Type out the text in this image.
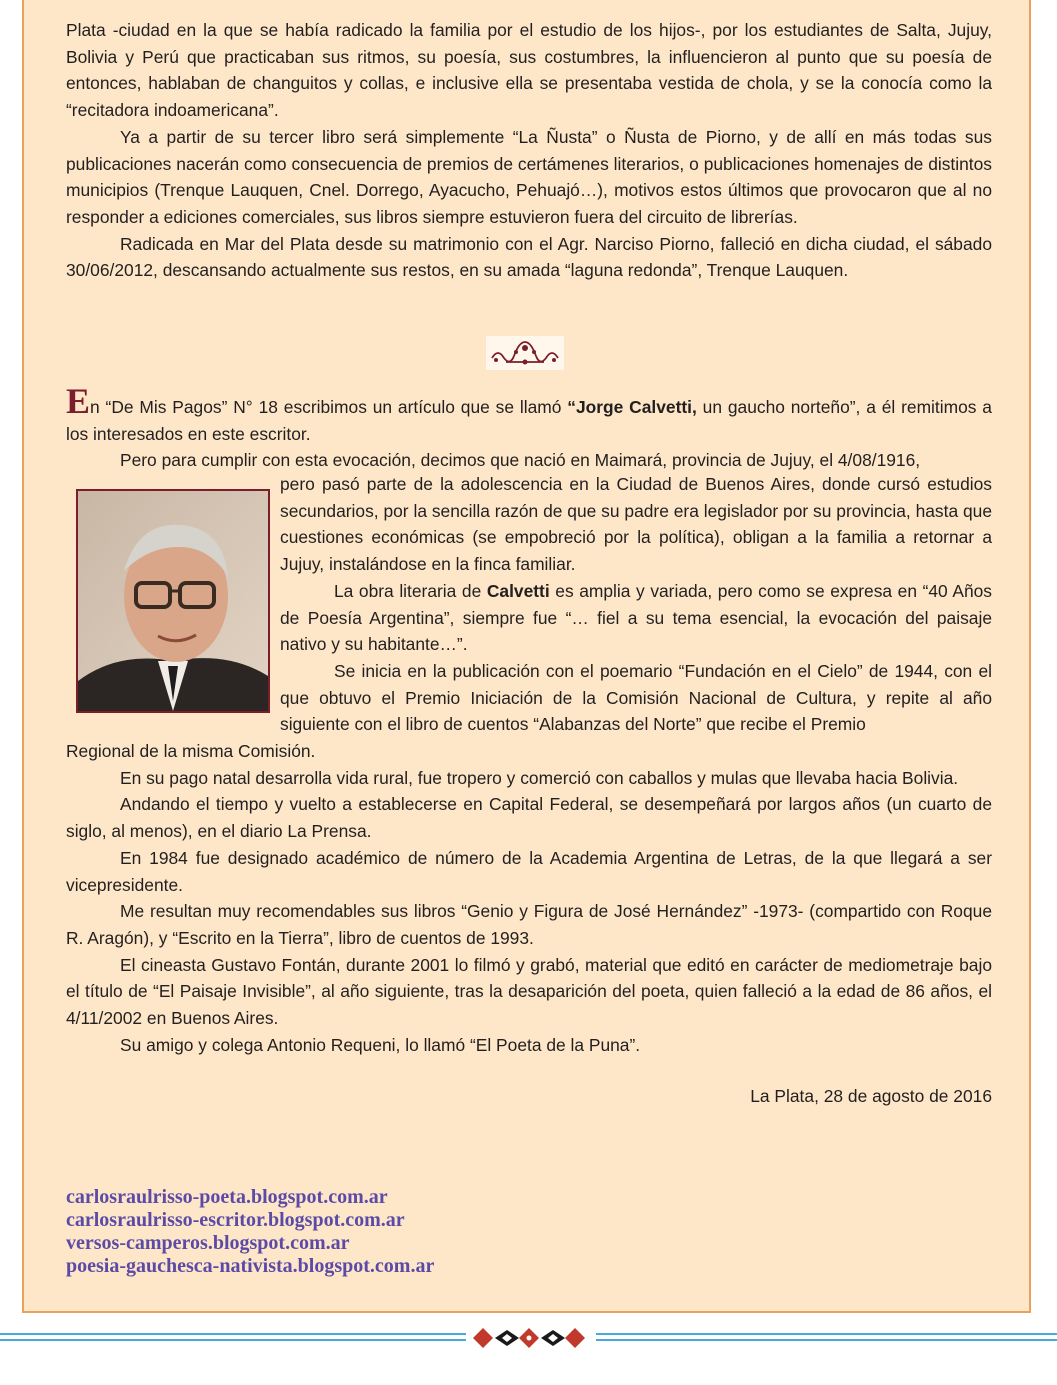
Plata -ciudad en la que se había radicado la familia por el estudio de los hijos-, por los estudiantes de Salta, Jujuy, Bolivia y Perú que practicaban sus ritmos, su poesía, sus costumbres, la influencieron al punto que su poesía de entonces, hablaban de changuitos y collas, e inclusive ella se presentaba vestida de chola, y se la conocía como la “recitadora indoamericana”.

Ya a partir de su tercer libro será simplemente “La Ñusta” o Ñusta de Piorno, y de allí en más todas sus publicaciones nacerán como consecuencia de premios de certámenes literarios, o publicaciones homenajes de distintos municipios (Trenque Lauquen, Cnel. Dorrego, Ayacucho, Pehuajó…), motivos estos últimos que provocaron que al no responder a ediciones comerciales, sus libros siempre estuvieron fuera del circuito de librerías.

Radicada en Mar del Plata desde su matrimonio con el Agr. Narciso Piorno, falleció en dicha ciudad, el sábado 30/06/2012, descansando actualmente sus restos, en su amada “laguna redonda”, Trenque Lauquen.

En “De Mis Pagos” N° 18 escribimos un artículo que se llamó “Jorge Calvetti, un gaucho norteño”, a él remitimos a los interesados en este escritor.

Pero para cumplir con esta evocación, decimos que nació en Maimará, provincia de Jujuy, el 4/08/1916,

pero pasó parte de la adolescencia en la Ciudad de Buenos Aires, donde cursó estudios secundarios, por la sencilla razón de que su padre era legislador por su provincia, hasta que cuestiones económicas (se empobreció por la política), obligan a la familia a retornar a Jujuy, instalándose en la finca familiar.

La obra literaria de Calvetti es amplia y variada, pero como se expresa en “40 Años de Poesía Argentina”, siempre fue “… fiel a su tema esencial, la evocación del paisaje nativo y su habitante…”.

Se inicia en la publicación con el poemario “Fundación en el Cielo” de 1944, con el que obtuvo el Premio Iniciación de la Comisión Nacional de Cultura, y repite al año siguiente con el libro de cuentos “Alabanzas del Norte” que recibe el Premio

Regional de la misma Comisión.

En su pago natal desarrolla vida rural, fue tropero y comerció con caballos y mulas que llevaba hacia Bolivia.

Andando el tiempo y vuelto a establecerse en Capital Federal, se desempeñará por largos años (un cuarto de siglo, al menos), en el diario La Prensa.

En 1984 fue designado académico de número de la Academia Argentina de Letras, de la que llegará a ser vicepresidente.

Me resultan muy recomendables sus libros “Genio y Figura de José Hernández” -1973- (compartido con Roque R. Aragón), y “Escrito en la Tierra”, libro de cuentos de 1993.

El cineasta Gustavo Fontán, durante 2001 lo filmó y grabó, material que editó en carácter de mediometraje bajo el título de “El Paisaje Invisible”, al año siguiente, tras la desaparición del poeta, quien falleció a la edad de 86 años, el 4/11/2002 en Buenos Aires.

Su amigo y colega Antonio Requeni, lo llamó “El Poeta de la Puna”.

La Plata, 28 de agosto de 2016
carlosraulrisso-poeta.blogspot.com.ar
carlosraulrisso-escritor.blogspot.com.ar
versos-camperos.blogspot.com.ar
poesia-gauchesca-nativista.blogspot.com.ar
